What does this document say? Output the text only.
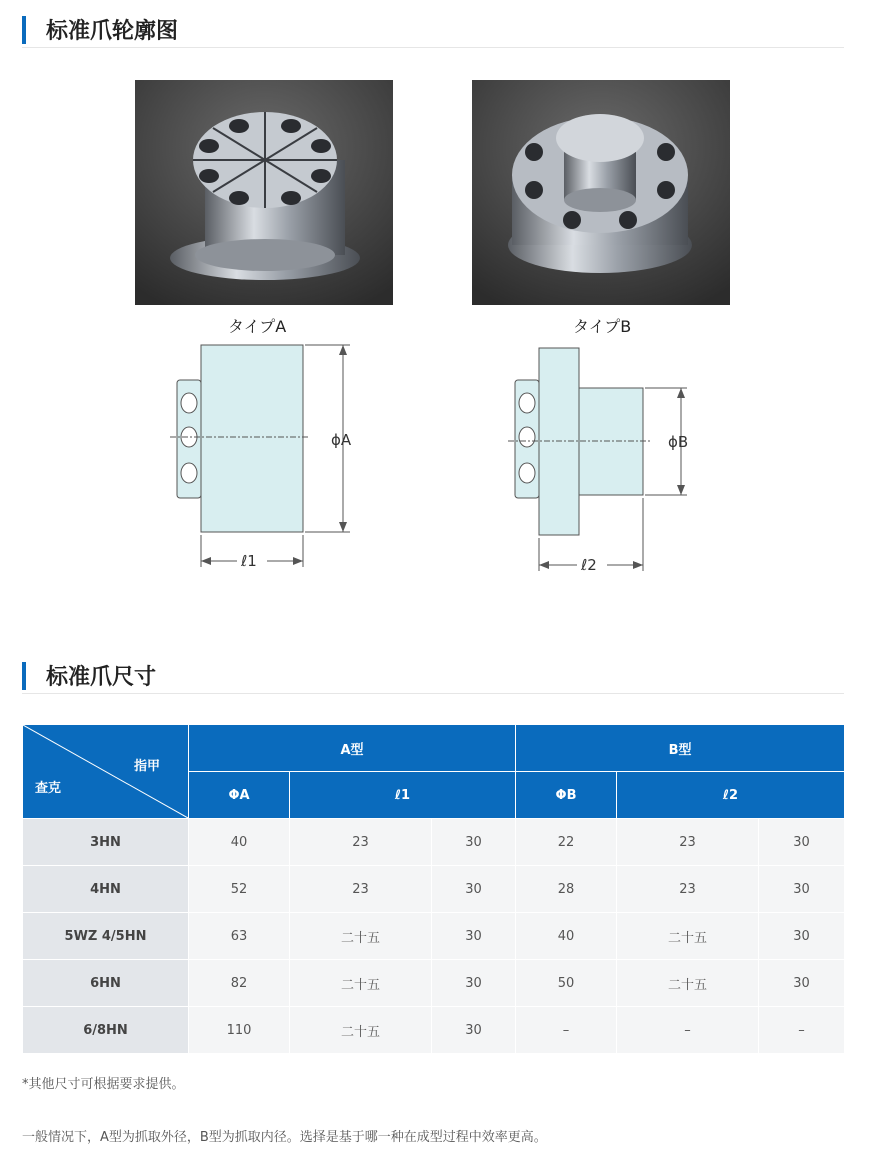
标准爪轮廓图
タイプA	タイプB
ϕA
ℓ1
ϕB
ℓ2
标准爪尺寸
指甲
查克	A型			B型		
	ΦA	ℓ1		ΦB	ℓ2	
3HN	40	23	30	22	23	30
4HN	52	23	30	28	23	30
5WZ 4/5HN	63	二十五	30	40	二十五	30
6HN	82	二十五	30	50	二十五	30
6/8HN	110	二十五	30	–	–	–
*其他尺寸可根据要求提供。
一般情况下，A型为抓取外径，B型为抓取内径。选择是基于哪一种在成型过程中效率更高。
